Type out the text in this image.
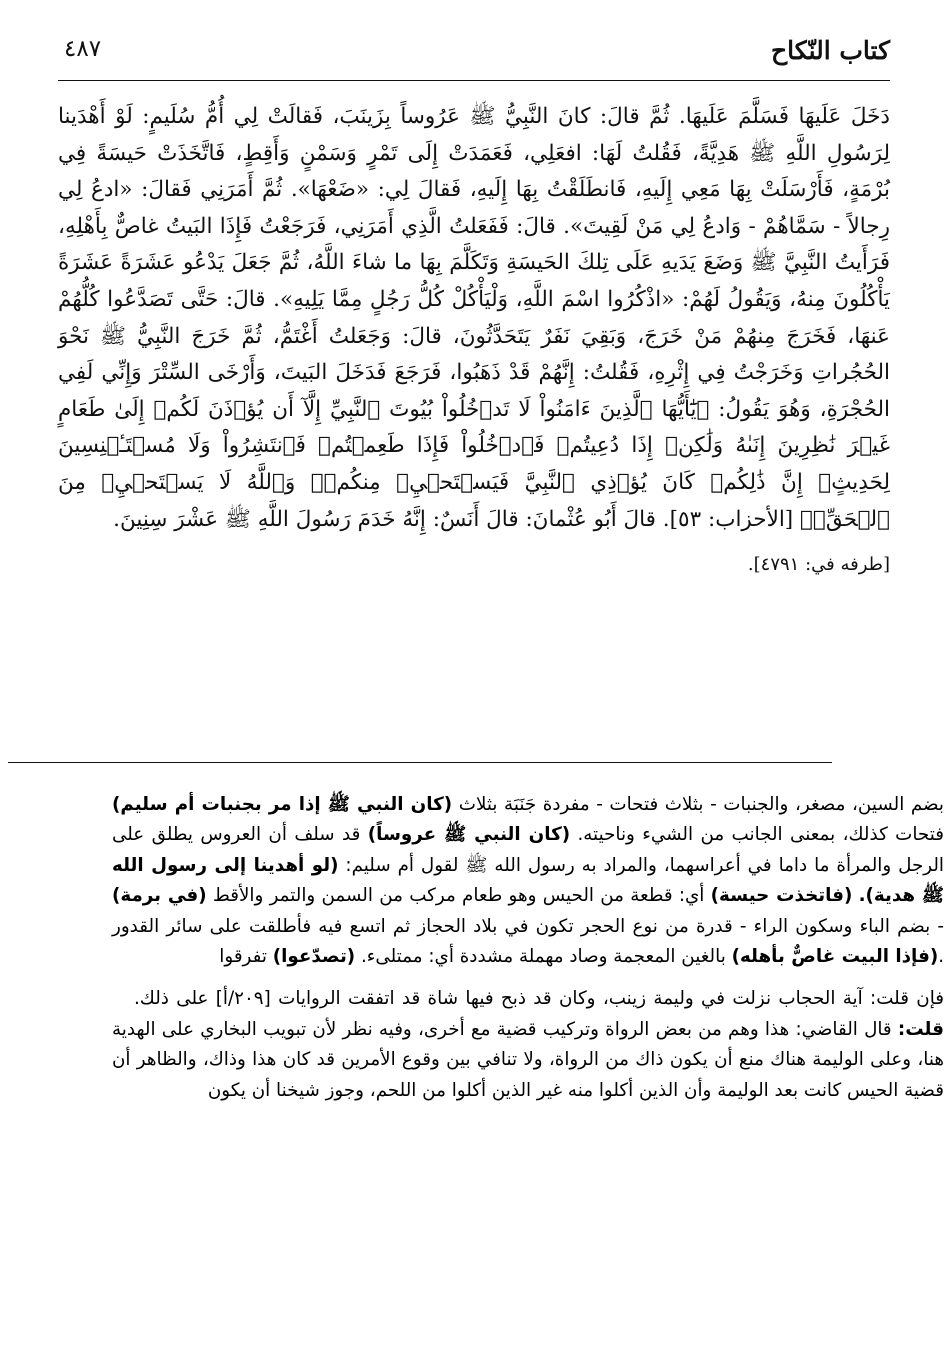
كتاب النّكاح
٤٨٧

دَخَلَ عَلَيهَا فَسَلَّمَ عَلَيهَا. ثُمَّ قالَ: كانَ النَّبِيُّ ﷺ عَرُوساً بِزَينَبَ، فَقالَتْ لِي أُمُّ سُلَيمٍ: لَوْ أَهْدَينا لِرَسُولِ اللَّهِ ﷺ هَدِيَّةً، فَقُلتُ لَهَا: افعَلِي، فَعَمَدَتْ إِلَى تَمْرٍ وَسَمْنٍ وَأَقِطٍ، فَاتَّخَذَتْ حَيسَةً فِي بُرْمَةٍ، فَأَرْسَلَتْ بِهَا مَعِي إِلَيهِ، فَانطَلَقْتُ بِهَا إِلَيهِ، فَقالَ لِي: «ضَعْهَا». ثُمَّ أَمَرَنِي فَقالَ: «ادعُ لِي رِجالاً - سَمَّاهُمْ - وَادعُ لِي مَنْ لَقِيتَ». قالَ: فَفَعَلتُ الَّذِي أَمَرَنِي، فَرَجَعْتُ فَإِذَا البَيتُ غاصٌّ بِأَهْلِهِ، فَرَأَيتُ النَّبِيَّ ﷺ وَضَعَ يَدَيهِ عَلَى تِلكَ الحَيسَةِ وَتَكَلَّمَ بِهَا ما شاءَ اللَّهُ، ثُمَّ جَعَلَ يَدْعُو عَشَرَةً عَشَرَةً يَأْكُلُونَ مِنهُ، وَيَقُولُ لَهُمْ: «اذْكُرُوا اسْمَ اللَّهِ، وَلْيَأْكُلْ كُلُّ رَجُلٍ مِمَّا يَلِيهِ». قالَ: حَتَّى تَصَدَّعُوا كُلُّهُمْ عَنهَا، فَخَرَجَ مِنهُمْ مَنْ خَرَجَ، وَبَقِيَ نَفَرٌ يَتَحَدَّثُونَ، قالَ: وَجَعَلتُ أَغْتَمُّ، ثُمَّ خَرَجَ النَّبِيُّ ﷺ نَحْوَ الحُجُراتِ وَخَرَجْتُ فِي إِثْرِهِ، فَقُلتُ: إِنَّهُمْ قَدْ ذَهَبُوا، فَرَجَعَ فَدَخَلَ البَيتَ، وَأَرْخَى السِّتْرَ وَإِنِّي لَفِي الحُجْرَةِ، وَهُوَ يَقُولُ: ﴿يَٰٓأَيُّهَا ٱلَّذِينَ ءَامَنُواْ لَا تَدۡخُلُواْ بُيُوتَ ٱلنَّبِيِّ إِلَّآ أَن يُؤۡذَنَ لَكُمۡ إِلَىٰ طَعَامٍ غَيۡرَ نَٰظِرِينَ إِنَىٰهُ وَلَٰكِنۡ إِذَا دُعِيتُمۡ فَٱدۡخُلُواْ فَإِذَا طَعِمۡتُمۡ فَٱنتَشِرُواْ وَلَا مُسۡتَـٔۡنِسِينَ لِحَدِيثٍۚ إِنَّ ذَٰلِكُمۡ كَانَ يُؤۡذِي ٱلنَّبِيَّ فَيَسۡتَحۡيِۦ مِنكُمۡۖ وَٱللَّهُ لَا يَسۡتَحۡيِۦ مِنَ ٱلۡحَقِّۚ﴾ [الأحزاب: ٥٣]. قالَ أَبُو عُثْمانَ: قالَ أَنَسٌ: إِنَّهُ خَدَمَ رَسُولَ اللَّهِ ﷺ عَشْرَ سِنِينَ.

[طرفه في: ٤٧٩١].

(كان النبي ﷺ إذا مر بجنبات أم سليم) بضم السين، مصغر، والجنبات - بثلاث فتحات - مفردة جَنَبَة بثلاث فتحات كذلك، بمعنى الجانب من الشيء وناحيته. (كان النبي ﷺ عروساً) قد سلف أن العروس يطلق على الرجل والمرأة ما داما في أعراسهما، والمراد به رسول الله ﷺ لقول أم سليم: (لو أهدينا إلى رسول الله ﷺ هدية). (فاتخذت حيسة) أي: قطعة من الحيس وهو طعام مركب من السمن والتمر والأقط (في برمة) - بضم الباء وسكون الراء - قدرة من نوع الحجر تكون في بلاد الحجاز ثم اتسع فيه فأطلقت على سائر القدور (فإذا البيت غاصٌّ بأهله) بالغين المعجمة وصاد مهملة مشددة أي: ممتلىء. (تصدّعوا) تفرقوا.

فإن قلت: آية الحجاب نزلت في وليمة زينب، وكان قد ذبح فيها شاة قد اتفقت الروايات [٢٠٩/أ] على ذلك. قلت: قال القاضي: هذا وهم من بعض الرواة وتركيب قضية مع أخرى، وفيه نظر لأن تبويب البخاري على الهدية هنا، وعلى الوليمة هناك منع أن يكون ذاك من الرواة، ولا تنافي بين وقوع الأمرين قد كان هذا وذاك، والظاهر أن قضية الحيس كانت بعد الوليمة وأن الذين أكلوا منه غير الذين أكلوا من اللحم، وجوز شيخنا أن يكون
